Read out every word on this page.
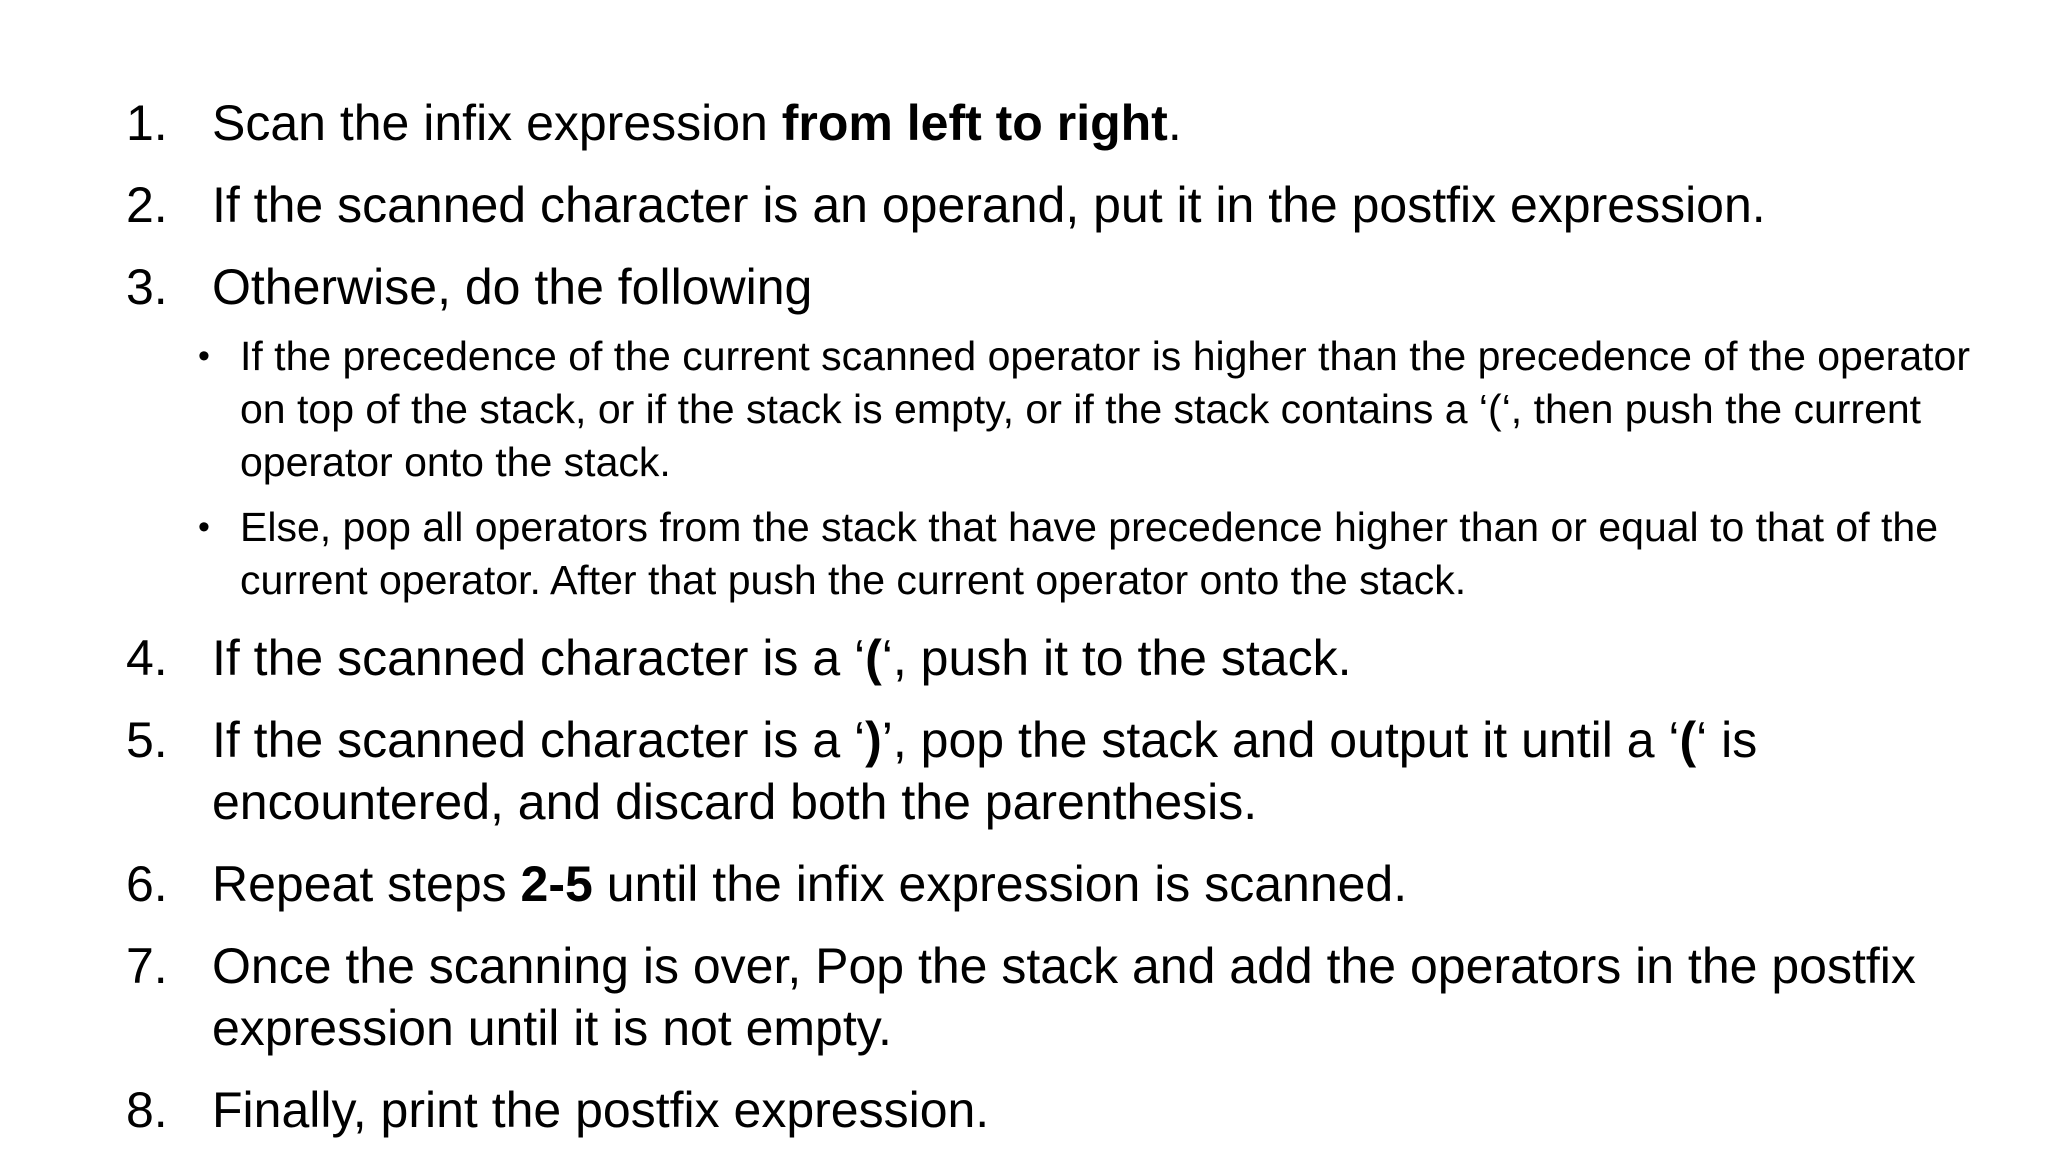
1. Scan the infix expression from left to right.
2. If the scanned character is an operand, put it in the postfix expression.
3. Otherwise, do the following
• If the precedence of the current scanned operator is higher than the precedence of the operator on top of the stack, or if the stack is empty, or if the stack contains a ‘(‘, then push the current operator onto the stack.
• Else, pop all operators from the stack that have precedence higher than or equal to that of the current operator. After that push the current operator onto the stack.
4. If the scanned character is a ‘(‘, push it to the stack.
5. If the scanned character is a ‘)’, pop the stack and output it until a ‘(‘ is encountered, and discard both the parenthesis.
6. Repeat steps 2-5 until the infix expression is scanned.
7. Once the scanning is over, Pop the stack and add the operators in the postfix expression until it is not empty.
8. Finally, print the postfix expression.
